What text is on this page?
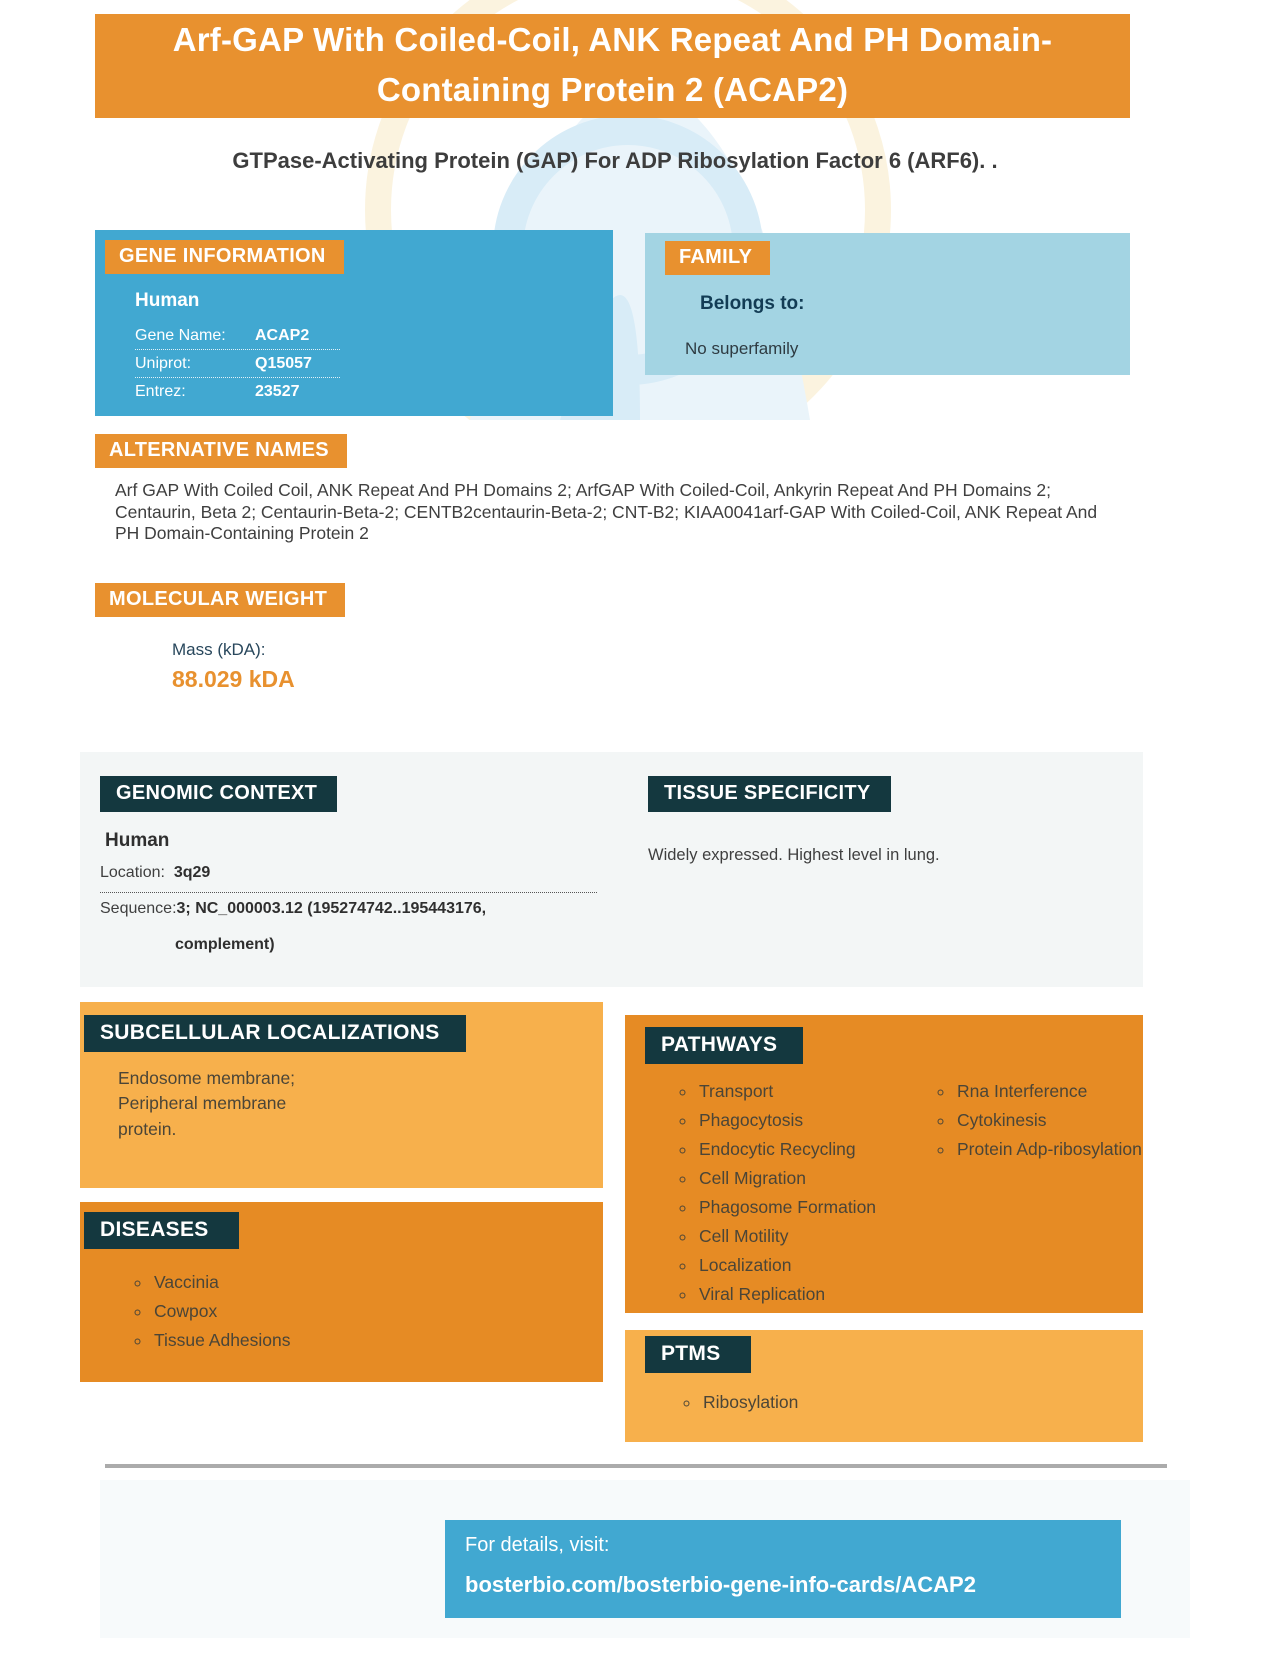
Arf-GAP With Coiled-Coil, ANK Repeat And PH Domain-Containing Protein 2 (ACAP2)
GTPase-Activating Protein (GAP) For ADP Ribosylation Factor 6 (ARF6). .
GENE INFORMATION
Human
Gene Name:	ACAP2
Uniprot:	Q15057
Entrez:	23527
FAMILY
Belongs to:
No superfamily
ALTERNATIVE NAMES
Arf GAP With Coiled Coil, ANK Repeat And PH Domains 2; ArfGAP With Coiled-Coil, Ankyrin Repeat And PH Domains 2; Centaurin, Beta 2; Centaurin-Beta-2; CENTB2centaurin-Beta-2; CNT-B2; KIAA0041arf-GAP With Coiled-Coil, ANK Repeat And PH Domain-Containing Protein 2
MOLECULAR WEIGHT
Mass (kDA):
88.029 kDA
GENOMIC CONTEXT
Human
Location: 3q29
Sequence:3; NC_000003.12 (195274742..195443176,
complement)
TISSUE SPECIFICITY
Widely expressed. Highest level in lung.
SUBCELLULAR LOCALIZATIONS
Endosome membrane;
Peripheral membrane
protein.
DISEASES
◦ Vaccinia
◦ Cowpox
◦ Tissue Adhesions
PATHWAYS
◦ Transport
◦ Phagocytosis
◦ Endocytic Recycling
◦ Cell Migration
◦ Phagosome Formation
◦ Cell Motility
◦ Localization
◦ Viral Replication
◦ Rna Interference
◦ Cytokinesis
◦ Protein Adp-ribosylation
PTMS
◦ Ribosylation
For details, visit:
bosterbio.com/bosterbio-gene-info-cards/ACAP2
